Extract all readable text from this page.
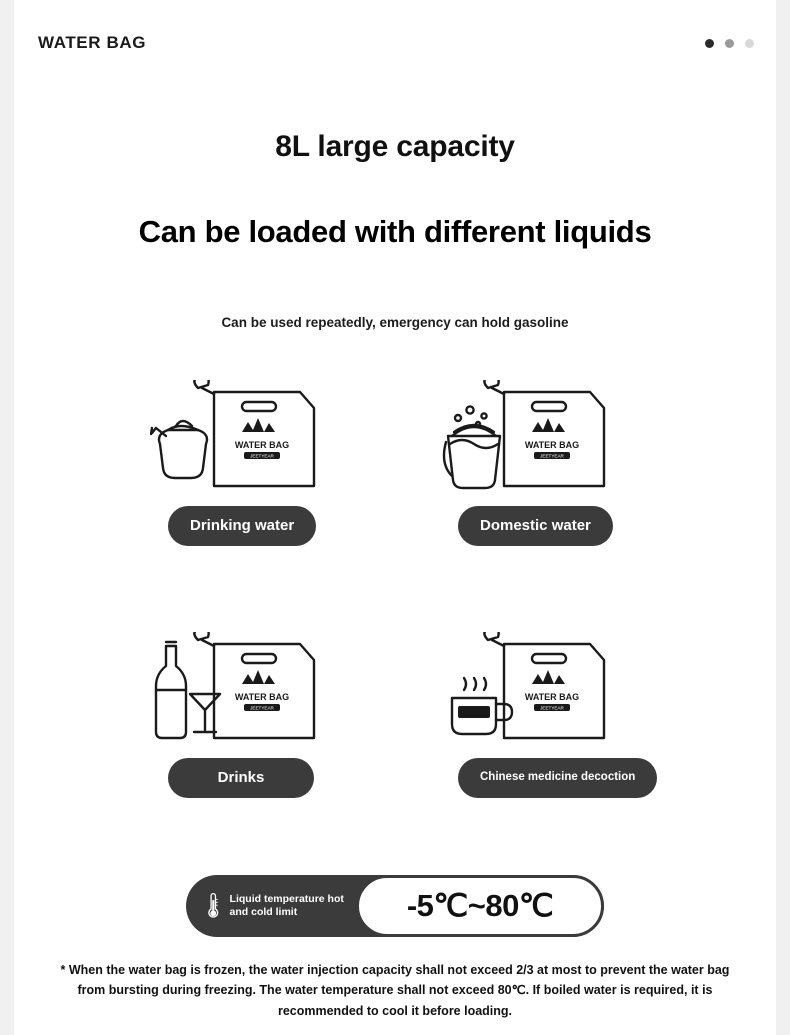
WATER BAG
8L large capacity
Can be loaded with different liquids
Can be used repeatedly, emergency can hold gasoline
WATER BAG
JEETYEAR
Drinking water
WATER BAG
JEETYEAR
Domestic water
WATER BAG
JEETYEAR
Drinks
WATER BAG
JEETYEAR
Chinese medicine decoction
Liquid temperature hot and cold limit	-5℃~80℃
* When the water bag is frozen, the water injection capacity shall not exceed 2/3 at most to prevent the water bag from bursting during freezing. The water temperature shall not exceed 80℃. If boiled water is required, it is recommended to cool it before loading.
